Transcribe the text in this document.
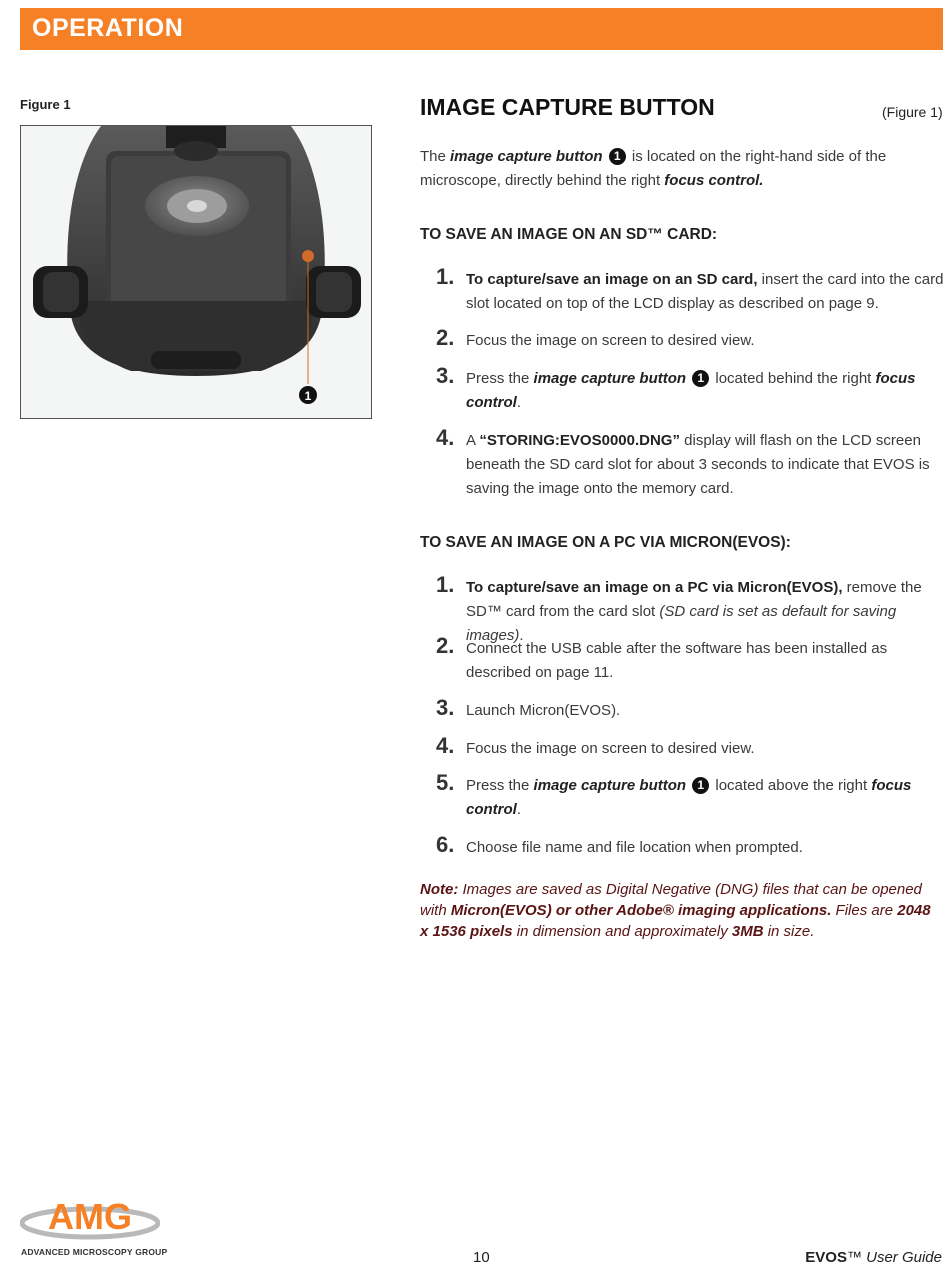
OPERATION
Figure 1
1
IMAGE CAPTURE BUTTON	(Figure 1)
The image capture button 1 is located on the right-hand side of the microscope, directly behind the right focus control.
TO SAVE AN IMAGE ON AN SD™ CARD:
1. To capture/save an image on an SD card, insert the card into the card slot located on top of the LCD display as described on page 9.
2. Focus the image on screen to desired view.
3. Press the image capture button 1 located behind the right focus control.
4. A “STORING:EVOS0000.DNG” display will flash on the LCD screen beneath the SD card slot for about 3 seconds to indicate that EVOS is saving the image onto the memory card.
TO SAVE AN IMAGE ON A PC VIA MICRON(EVOS):
1. To capture/save an image on a PC via Micron(EVOS), remove the SD™ card from the card slot (SD card is set as default for saving images).
2. Connect the USB cable after the software has been installed as described on page 11.
3. Launch Micron(EVOS).
4. Focus the image on screen to desired view.
5. Press the image capture button 1 located above the right focus control.
6. Choose file name and file location when prompted.
Note: Images are saved as Digital Negative (DNG) files that can be opened with Micron(EVOS) or other Adobe® imaging applications. Files are 2048 x 1536 pixels in dimension and approximately 3MB in size.
AMG
ADVANCED MICROSCOPY GROUP	10	EVOS™ User Guide
